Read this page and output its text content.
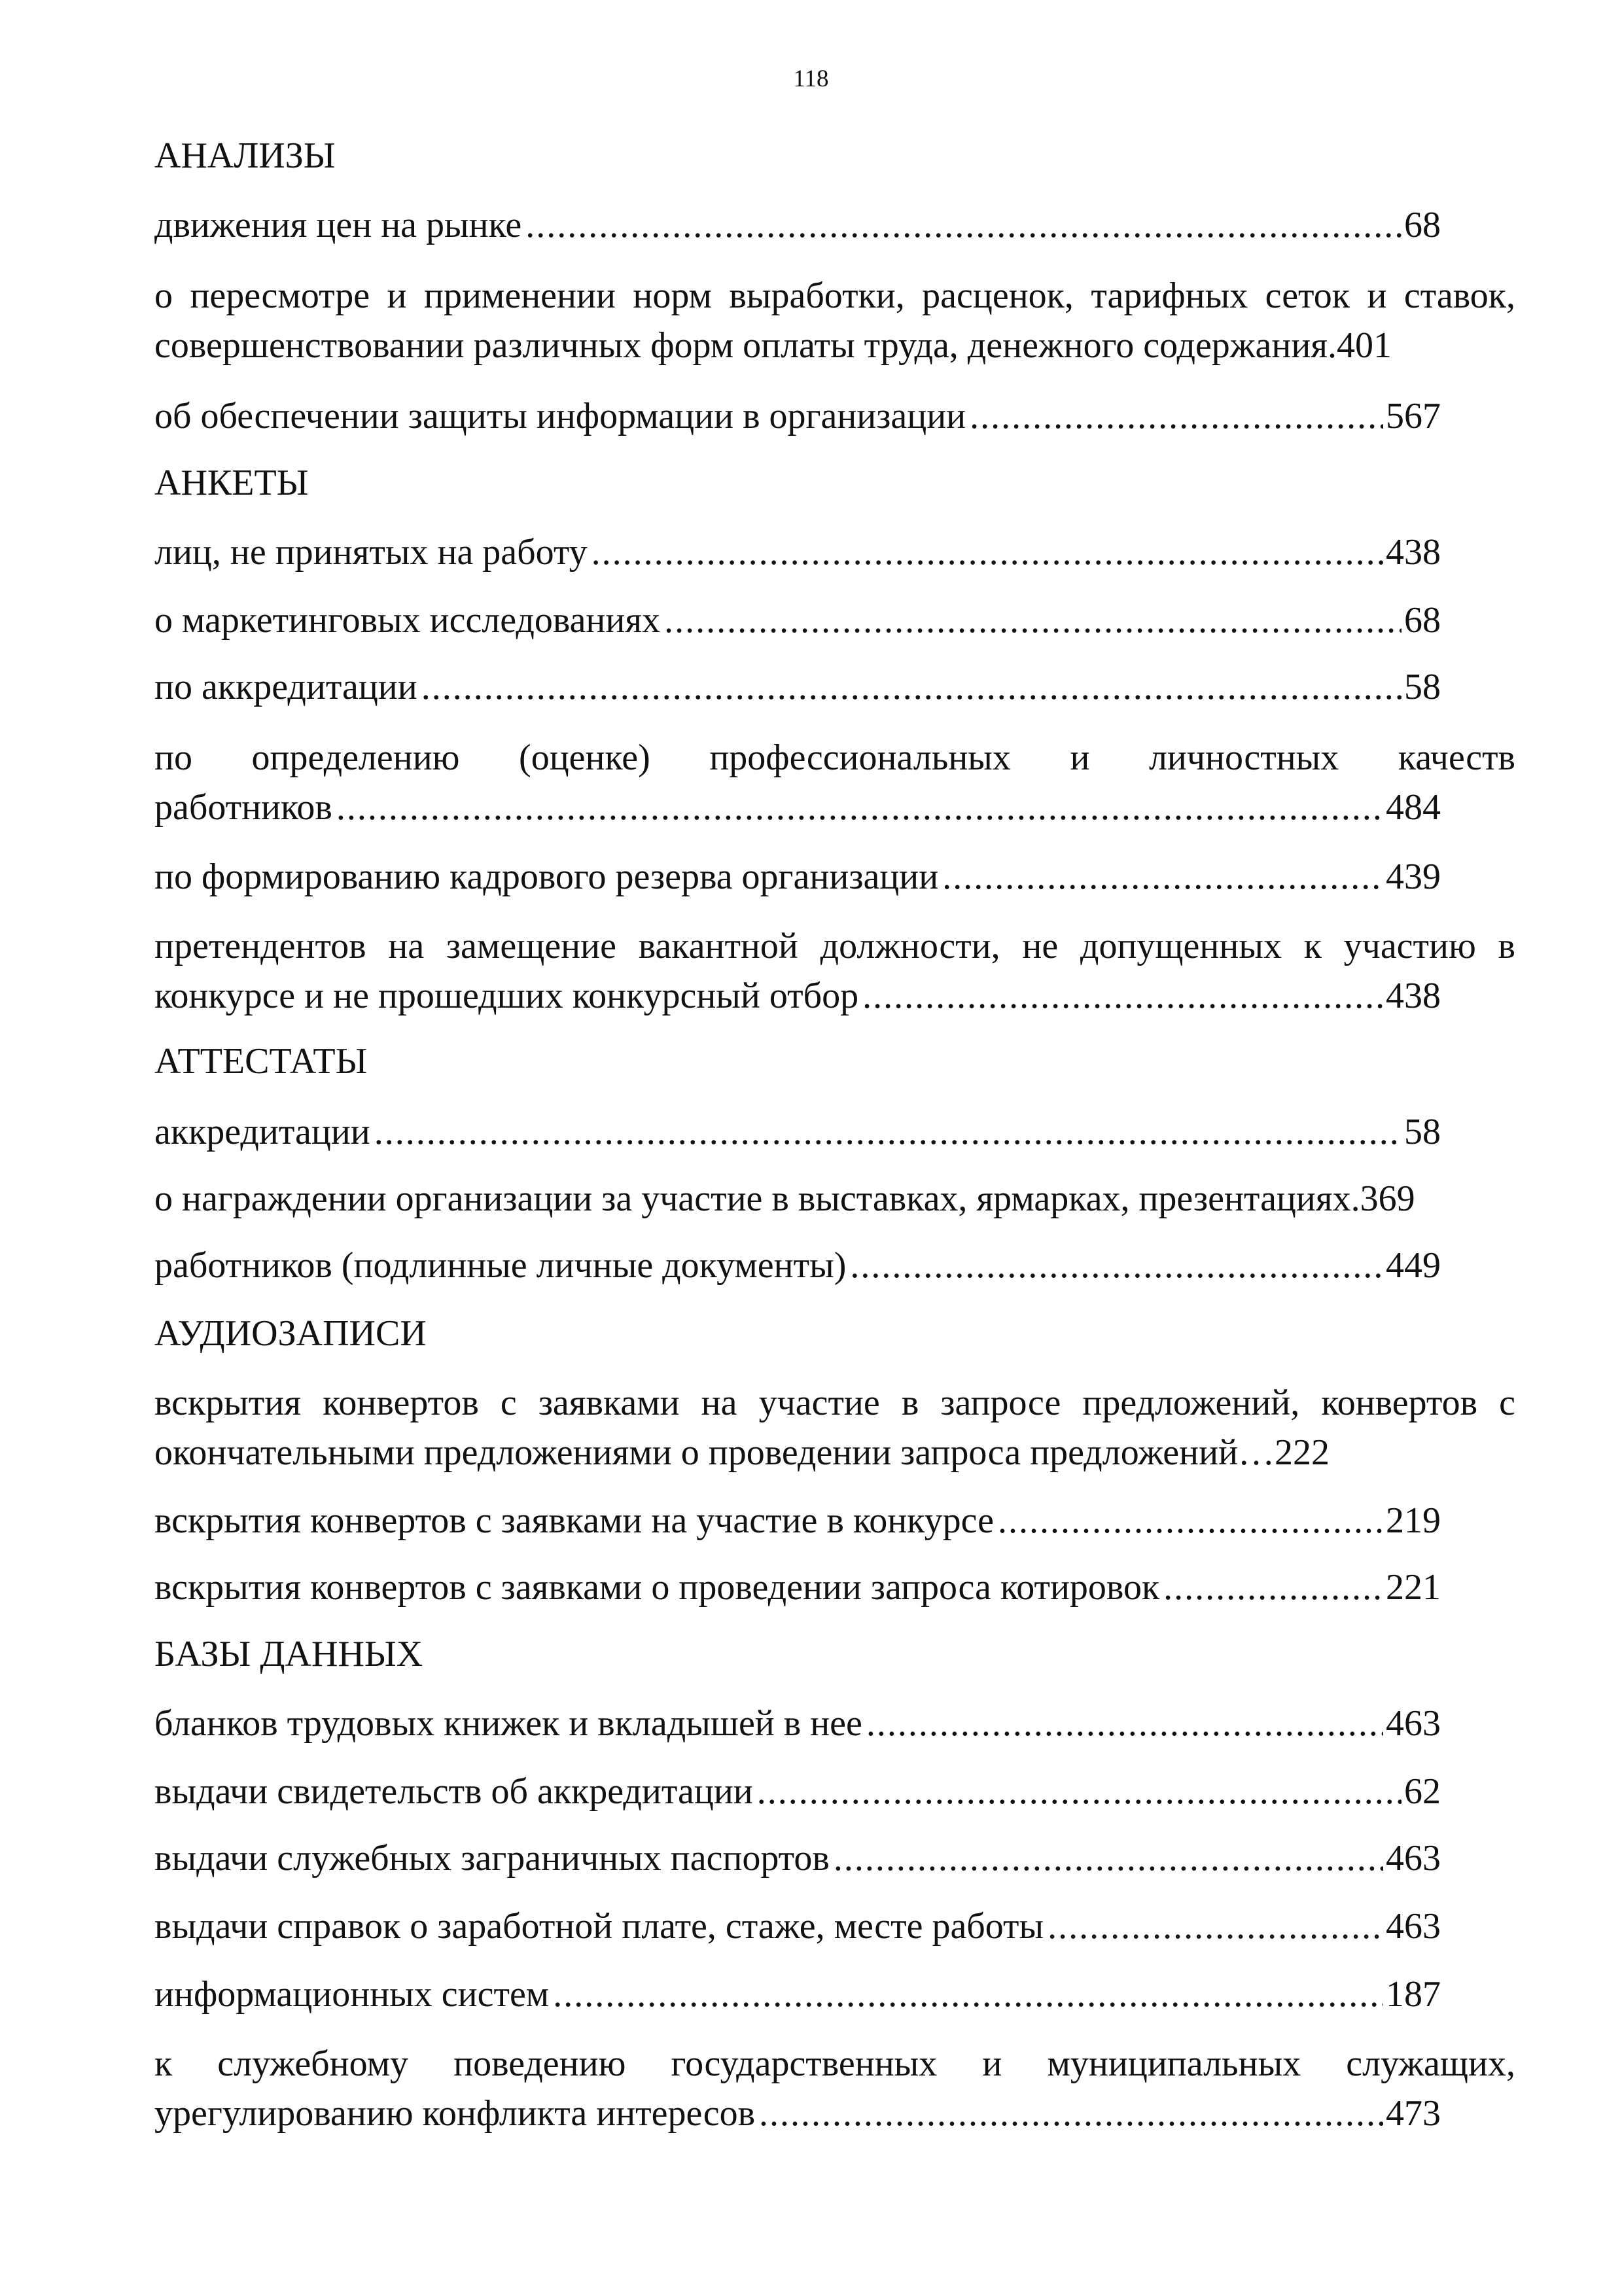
118
АНАЛИЗЫ
движения цен на рынке .....	68
о пересмотре и применении норм выработки, расценок, тарифных сеток и ставок,
совершенствовании различных форм оплаты труда, денежного содержания. 401
об обеспечении защиты информации в организации .....	567
АНКЕТЫ
лиц, не принятых на работу .....	438
о маркетинговых исследованиях .....	68
по аккредитации .....	58
по определению (оценке) профессиональных и личностных качеств
работников .....	484
по формированию кадрового резерва организации .....	439
претендентов на замещение вакантной должности, не допущенных к участию в
конкурсе и не прошедших конкурсный отбор .....	438
АТТЕСТАТЫ
аккредитации .....	58
о награждении организации за участие в выставках, ярмарках, презентациях. 369
работников (подлинные личные документы) .....	449
АУДИОЗАПИСИ
вскрытия конвертов с заявками на участие в запросе предложений, конвертов с
окончательными предложениями о проведении запроса предложений… 222
вскрытия конвертов с заявками на участие в конкурсе .....	219
вскрытия конвертов с заявками о проведении запроса котировок .....	221
БАЗЫ ДАННЫХ
бланков трудовых книжек и вкладышей в нее .....	463
выдачи свидетельств об аккредитации .....	62
выдачи служебных заграничных паспортов .....	463
выдачи справок о заработной плате, стаже, месте работы .....	463
информационных систем .....	187
к служебному поведению государственных и муниципальных служащих,
урегулированию конфликта интересов .....	473
